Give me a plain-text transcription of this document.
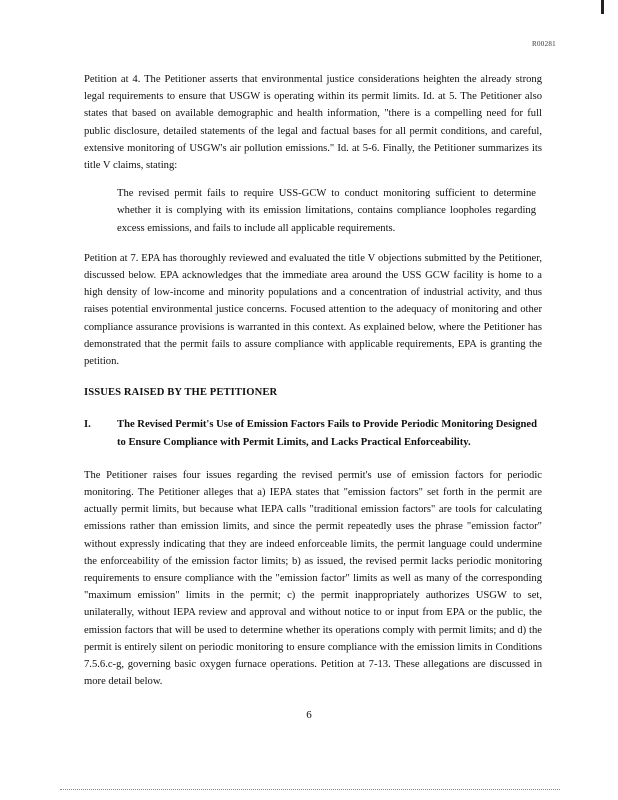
R00281

Petition at 4. The Petitioner asserts that environmental justice considerations heighten the already strong legal requirements to ensure that USGW is operating within its permit limits. Id. at 5. The Petitioner also states that based on available demographic and health information, "there is a compelling need for full public disclosure, detailed statements of the legal and factual bases for all permit conditions, and careful, extensive monitoring of USGW's air pollution emissions." Id. at 5-6. Finally, the Petitioner summarizes its title V claims, stating:

The revised permit fails to require USS-GCW to conduct monitoring sufficient to determine whether it is complying with its emission limitations, contains compliance loopholes regarding excess emissions, and fails to include all applicable requirements.

Petition at 7. EPA has thoroughly reviewed and evaluated the title V objections submitted by the Petitioner, discussed below. EPA acknowledges that the immediate area around the USS GCW facility is home to a high density of low-income and minority populations and a concentration of industrial activity, and thus raises potential environmental justice concerns. Focused attention to the adequacy of monitoring and other compliance assurance provisions is warranted in this context. As explained below, where the Petitioner has demonstrated that the permit fails to assure compliance with applicable requirements, EPA is granting the petition.

ISSUES RAISED BY THE PETITIONER
I.	The Revised Permit's Use of Emission Factors Fails to Provide Periodic Monitoring Designed to Ensure Compliance with Permit Limits, and Lacks Practical Enforceability.

The Petitioner raises four issues regarding the revised permit's use of emission factors for periodic monitoring. The Petitioner alleges that a) IEPA states that "emission factors" set forth in the permit are actually permit limits, but because what IEPA calls "traditional emission factors" are tools for calculating emissions rather than emission limits, and since the permit repeatedly uses the phrase "emission factor" without expressly indicating that they are indeed enforceable limits, the permit language could undermine the enforceability of the emission factor limits; b) as issued, the revised permit lacks periodic monitoring requirements to ensure compliance with the "emission factor" limits as well as many of the corresponding "maximum emission" limits in the permit; c) the permit inappropriately authorizes USGW to set, unilaterally, without IEPA review and approval and without notice to or input from EPA or the public, the emission factors that will be used to determine whether its operations comply with permit limits; and d) the permit is entirely silent on periodic monitoring to ensure compliance with the emission limits in Conditions 7.5.6.c-g, governing basic oxygen furnace operations. Petition at 7-13. These allegations are discussed in more detail below.

6
